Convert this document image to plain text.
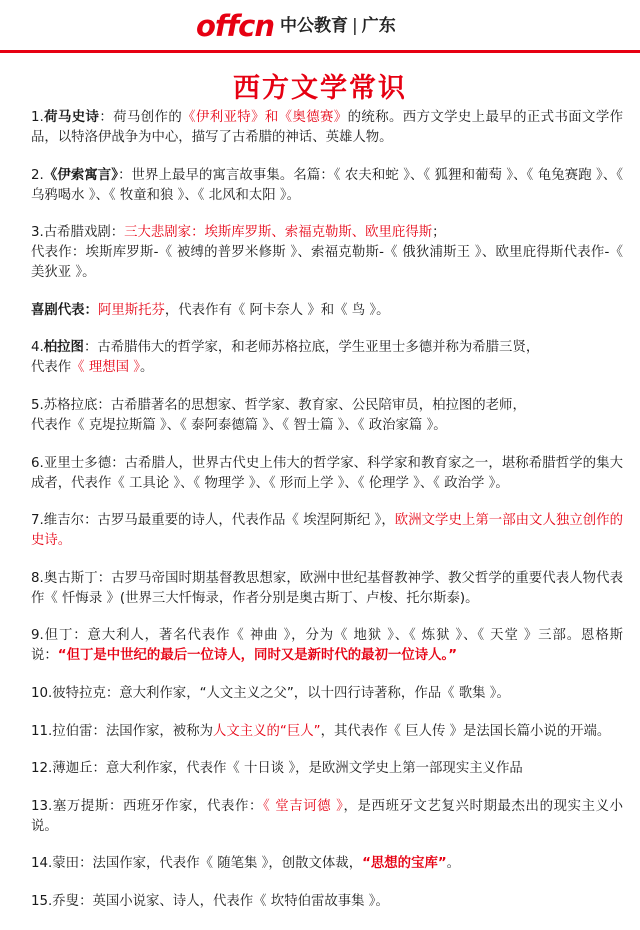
offcn 中公教育 | 广东
西方文学常识

1.荷马史诗：荷马创作的《伊利亚特》和《奥德赛》的统称。西方文学史上最早的正式书面文学作品，以特洛伊战争为中心，描写了古希腊的神话、英雄人物。

2.《伊索寓言》：世界上最早的寓言故事集。名篇：《 农夫和蛇 》、《 狐狸和葡萄 》、《 龟兔赛跑 》、《 乌鸦喝水 》、《 牧童和狼 》、《 北风和太阳 》。

3.古希腊戏剧：三大悲剧家：埃斯库罗斯、索福克勒斯、欧里庇得斯；
代表作：埃斯库罗斯-《 被缚的普罗米修斯 》、索福克勒斯-《 俄狄浦斯王 》、欧里庇得斯代表作-《 美狄亚 》。

喜剧代表：阿里斯托芬，代表作有《 阿卡奈人 》和《 鸟 》。

4.柏拉图：古希腊伟大的哲学家，和老师苏格拉底，学生亚里士多德并称为希腊三贤，
代表作《 理想国 》。

5.苏格拉底：古希腊著名的思想家、哲学家、教育家、公民陪审员，柏拉图的老师，
代表作《 克堤拉斯篇 》、《 泰阿泰德篇 》、《 智士篇 》、《 政治家篇 》。

6.亚里士多德：古希腊人，世界古代史上伟大的哲学家、科学家和教育家之一，堪称希腊哲学的集大成者，代表作《 工具论 》、《 物理学 》、《 形而上学 》、《 伦理学 》、《 政治学 》。

7.维吉尔：古罗马最重要的诗人，代表作品《 埃涅阿斯纪 》，欧洲文学史上第一部由文人独立创作的史诗。

8.奥古斯丁：古罗马帝国时期基督教思想家，欧洲中世纪基督教神学、教父哲学的重要代表人物代表作《 忏悔录 》(世界三大忏悔录，作者分别是奥古斯丁、卢梭、托尔斯泰)。

9.但丁：意大利人，著名代表作《 神曲 》，分为《 地狱 》、《 炼狱 》、《 天堂 》三部。恩格斯说：“但丁是中世纪的最后一位诗人，同时又是新时代的最初一位诗人。”

10.彼特拉克：意大利作家，“人文主义之父”，以十四行诗著称，作品《 歌集 》。

11.拉伯雷：法国作家，被称为人文主义的“巨人”，其代表作《 巨人传 》是法国长篇小说的开端。

12.薄迦丘：意大利作家，代表作《 十日谈 》，是欧洲文学史上第一部现实主义作品

13.塞万提斯：西班牙作家，代表作：《 堂吉诃德 》，是西班牙文艺复兴时期最杰出的现实主义小说。

14.蒙田：法国作家，代表作《 随笔集 》，创散文体裁，“思想的宝库”。

15.乔叟：英国小说家、诗人，代表作《 坎特伯雷故事集 》。
